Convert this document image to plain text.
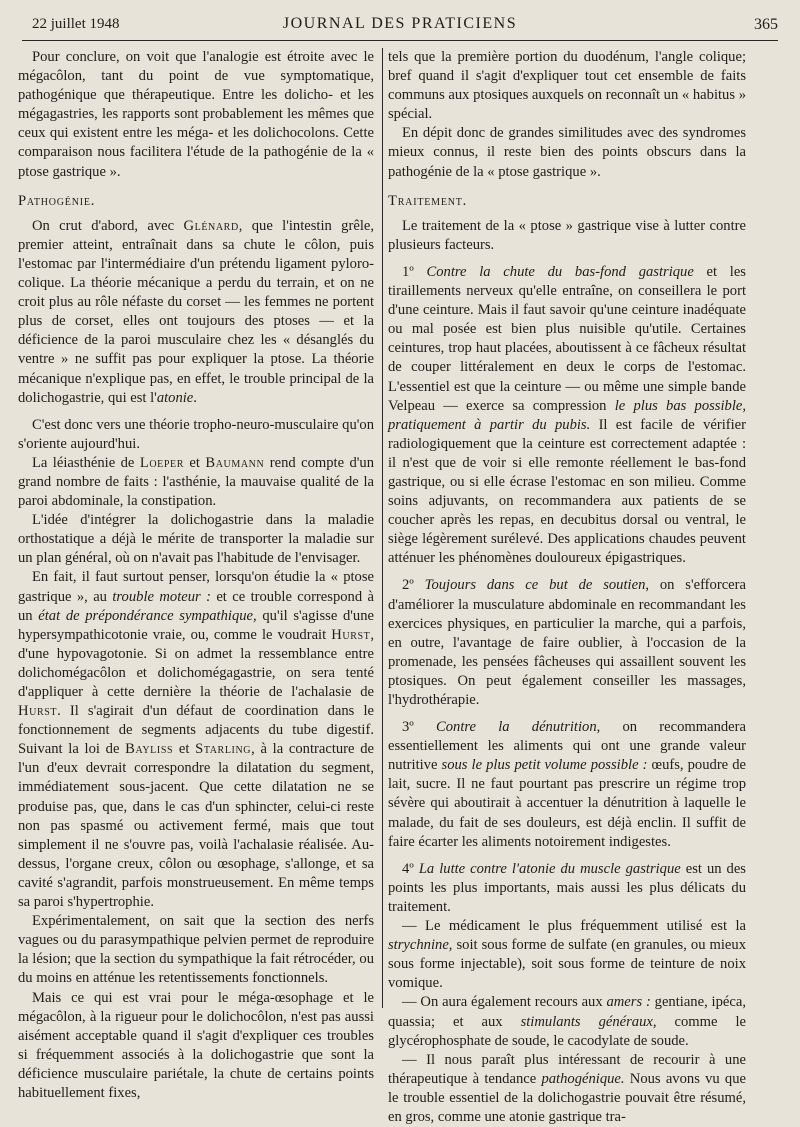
22 juillet 1948	JOURNAL DES PRATICIENS	365

Pour conclure, on voit que l'analogie est étroite avec le mégacôlon, tant du point de vue symptomatique, pathogénique que thérapeutique. Entre les dolicho- et les mégagastries, les rapports sont probablement les mêmes que ceux qui existent entre les méga- et les dolichocolons. Cette comparaison nous facilitera l'étude de la pathogénie de la « ptose gastrique ».

Pathogénie.

On crut d'abord, avec Glénard, que l'intestin grêle, premier atteint, entraînait dans sa chute le côlon, puis l'estomac par l'intermédiaire d'un prétendu ligament pyloro-colique. La théorie mécanique a perdu du terrain, et on ne croit plus au rôle néfaste du corset — les femmes ne portent plus de corset, elles ont toujours des ptoses — et la déficience de la paroi musculaire chez les « désanglés du ventre » ne suffit pas pour expliquer la ptose. La théorie mécanique n'explique pas, en effet, le trouble principal de la dolichogastrie, qui est l'atonie.

C'est donc vers une théorie tropho-neuro-musculaire qu'on s'oriente aujourd'hui.

La léiasthénie de Loeper et Baumann rend compte d'un grand nombre de faits : l'asthénie, la mauvaise qualité de la paroi abdominale, la constipation.

L'idée d'intégrer la dolichogastrie dans la maladie orthostatique a déjà le mérite de transporter la maladie sur un plan général, où on n'avait pas l'habitude de l'envisager.

En fait, il faut surtout penser, lorsqu'on étudie la « ptose gastrique », au trouble moteur : et ce trouble correspond à un état de prépondérance sympathique, qu'il s'agisse d'une hypersympathicotonie vraie, ou, comme le voudrait Hurst, d'une hypovagotonie. Si on admet la ressemblance entre dolichomégacôlon et dolichomégagastrie, on sera tenté d'appliquer à cette dernière la théorie de l'achalasie de Hurst. Il s'agirait d'un défaut de coordination dans le fonctionnement de segments adjacents du tube digestif. Suivant la loi de Bayliss et Starling, à la contracture de l'un d'eux devrait correspondre la dilatation du segment, immédiatement sous-jacent. Que cette dilatation ne se produise pas, que, dans le cas d'un sphincter, celui-ci reste non pas spasmé ou activement fermé, mais que tout simplement il ne s'ouvre pas, voilà l'achalasie réalisée. Au-dessus, l'organe creux, côlon ou œsophage, s'allonge, et sa cavité s'agrandit, parfois monstrueusement. En même temps sa paroi s'hypertrophie.

Expérimentalement, on sait que la section des nerfs vagues ou du parasympathique pelvien permet de reproduire la lésion; que la section du sympathique la fait rétrocéder, ou du moins en atténue les retentissements fonctionnels.

Mais ce qui est vrai pour le méga-œsophage et le mégacôlon, à la rigueur pour le dolichocôlon, n'est pas aussi aisément acceptable quand il s'agit d'expliquer ces troubles si fréquemment associés à la dolichogastrie que sont la déficience musculaire pariétale, la chute de certains points habituellement fixes,

tels que la première portion du duodénum, l'angle colique; bref quand il s'agit d'expliquer tout cet ensemble de faits communs aux ptosiques auxquels on reconnaît un « habitus » spécial.

En dépit donc de grandes similitudes avec des syndromes mieux connus, il reste bien des points obscurs dans la pathogénie de la « ptose gastrique ».

Traitement.

Le traitement de la « ptose » gastrique vise à lutter contre plusieurs facteurs.

1º Contre la chute du bas-fond gastrique et les tiraillements nerveux qu'elle entraîne, on conseillera le port d'une ceinture. Mais il faut savoir qu'une ceinture inadéquate ou mal posée est bien plus nuisible qu'utile. Certaines ceintures, trop haut placées, aboutissent à ce fâcheux résultat de couper littéralement en deux le corps de l'estomac. L'essentiel est que la ceinture — ou même une simple bande Velpeau — exerce sa compression le plus bas possible, pratiquement à partir du pubis. Il est facile de vérifier radiologiquement que la ceinture est correctement adaptée : il n'est que de voir si elle remonte réellement le bas-fond gastrique, ou si elle écrase l'estomac en son milieu. Comme soins adjuvants, on recommandera aux patients de se coucher après les repas, en decubitus dorsal ou ventral, le siège légèrement surélevé. Des applications chaudes peuvent atténuer les phénomènes douloureux épigastriques.

2º Toujours dans ce but de soutien, on s'efforcera d'améliorer la musculature abdominale en recommandant les exercices physiques, en particulier la marche, qui a parfois, en outre, l'avantage de faire oublier, à l'occasion de la promenade, les pensées fâcheuses qui assaillent souvent les ptosiques. On peut également conseiller les massages, l'hydrothérapie.

3º Contre la dénutrition, on recommandera essentiellement les aliments qui ont une grande valeur nutritive sous le plus petit volume possible : œufs, poudre de lait, sucre. Il ne faut pourtant pas prescrire un régime trop sévère qui aboutirait à accentuer la dénutrition à laquelle le malade, du fait de ses douleurs, est déjà enclin. Il suffit de faire écarter les aliments notoirement indigestes.

4º La lutte contre l'atonie du muscle gastrique est un des points les plus importants, mais aussi les plus délicats du traitement.

— Le médicament le plus fréquemment utilisé est la strychnine, soit sous forme de sulfate (en granules, ou mieux sous forme injectable), soit sous forme de teinture de noix vomique.

— On aura également recours aux amers : gentiane, ipéca, quassia; et aux stimulants généraux, comme le glycérophosphate de soude, le cacodylate de soude.

— Il nous paraît plus intéressant de recourir à une thérapeutique à tendance pathogénique. Nous avons vu que le trouble essentiel de la dolichogastrie pouvait être résumé, en gros, comme une atonie gastrique tra-
